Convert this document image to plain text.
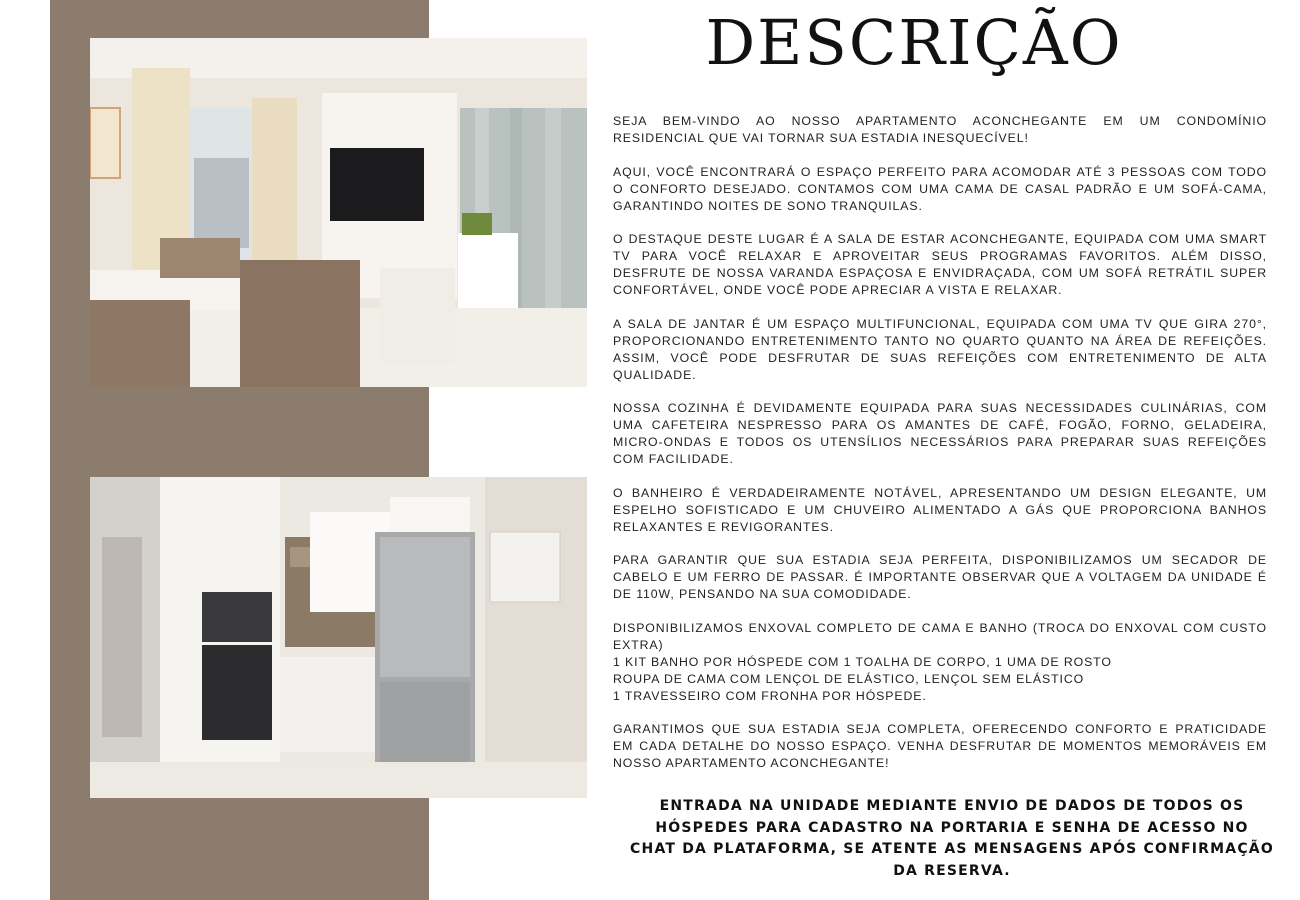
DESCRIÇÃO

SEJA BEM-VINDO AO NOSSO APARTAMENTO ACONCHEGANTE EM UM CONDOMÍNIO RESIDENCIAL QUE VAI TORNAR SUA ESTADIA INESQUECÍVEL!

AQUI, VOCÊ ENCONTRARÁ O ESPAÇO PERFEITO PARA ACOMODAR ATÉ 3 PESSOAS COM TODO O CONFORTO DESEJADO. CONTAMOS COM UMA CAMA DE CASAL PADRÃO E UM SOFÁ-CAMA, GARANTINDO NOITES DE SONO TRANQUILAS.

O DESTAQUE DESTE LUGAR É A SALA DE ESTAR ACONCHEGANTE, EQUIPADA COM UMA SMART TV PARA VOCÊ RELAXAR E APROVEITAR SEUS PROGRAMAS FAVORITOS. ALÉM DISSO, DESFRUTE DE NOSSA VARANDA ESPAÇOSA E ENVIDRAÇADA, COM UM SOFÁ RETRÁTIL SUPER CONFORTÁVEL, ONDE VOCÊ PODE APRECIAR A VISTA E RELAXAR.

A SALA DE JANTAR É UM ESPAÇO MULTIFUNCIONAL, EQUIPADA COM UMA TV QUE GIRA 270°, PROPORCIONANDO ENTRETENIMENTO TANTO NO QUARTO QUANTO NA ÁREA DE REFEIÇÕES. ASSIM, VOCÊ PODE DESFRUTAR DE SUAS REFEIÇÕES COM ENTRETENIMENTO DE ALTA QUALIDADE.

NOSSA COZINHA É DEVIDAMENTE EQUIPADA PARA SUAS NECESSIDADES CULINÁRIAS, COM UMA CAFETEIRA NESPRESSO PARA OS AMANTES DE CAFÉ, FOGÃO, FORNO, GELADEIRA, MICRO-ONDAS E TODOS OS UTENSÍLIOS NECESSÁRIOS PARA PREPARAR SUAS REFEIÇÕES COM FACILIDADE.

O BANHEIRO É VERDADEIRAMENTE NOTÁVEL, APRESENTANDO UM DESIGN ELEGANTE, UM ESPELHO SOFISTICADO E UM CHUVEIRO ALIMENTADO A GÁS QUE PROPORCIONA BANHOS RELAXANTES E REVIGORANTES.

PARA GARANTIR QUE SUA ESTADIA SEJA PERFEITA, DISPONIBILIZAMOS UM SECADOR DE CABELO E UM FERRO DE PASSAR. É IMPORTANTE OBSERVAR QUE A VOLTAGEM DA UNIDADE É DE 110W, PENSANDO NA SUA COMODIDADE.

DISPONIBILIZAMOS ENXOVAL COMPLETO DE CAMA E BANHO (TROCA DO ENXOVAL COM CUSTO EXTRA)
1 KIT BANHO POR HÓSPEDE COM 1 TOALHA DE CORPO, 1 UMA DE ROSTO
ROUPA DE CAMA COM LENÇOL DE ELÁSTICO, LENÇOL SEM ELÁSTICO
1 TRAVESSEIRO COM FRONHA POR HÓSPEDE.

GARANTIMOS QUE SUA ESTADIA SEJA COMPLETA, OFERECENDO CONFORTO E PRATICIDADE EM CADA DETALHE DO NOSSO ESPAÇO. VENHA DESFRUTAR DE MOMENTOS MEMORÁVEIS EM NOSSO APARTAMENTO ACONCHEGANTE!

ENTRADA NA UNIDADE MEDIANTE ENVIO DE DADOS DE TODOS OS HÓSPEDES PARA CADASTRO NA PORTARIA E SENHA DE ACESSO NO CHAT DA PLATAFORMA, SE ATENTE AS MENSAGENS APÓS CONFIRMAÇÃO DA RESERVA.
